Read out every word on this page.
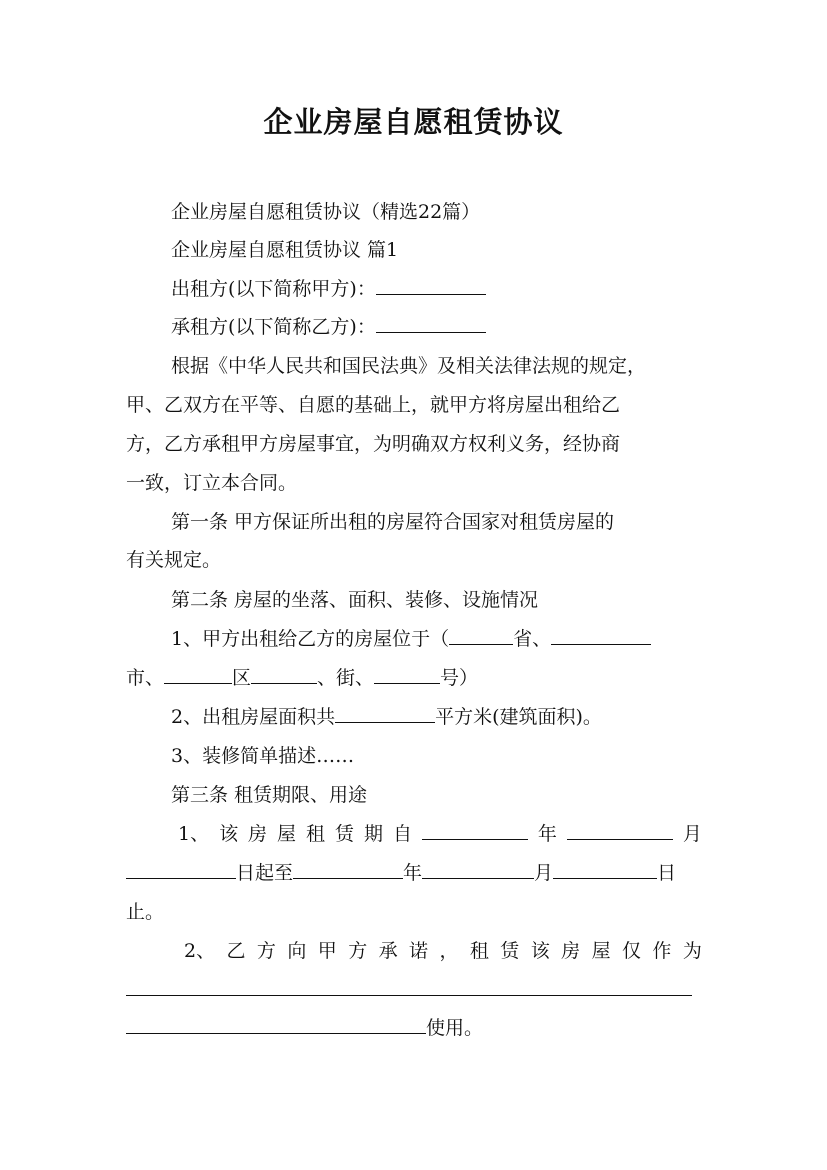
企业房屋自愿租赁协议
企业房屋自愿租赁协议（精选22篇）
企业房屋自愿租赁协议 篇1
出租方(以下简称甲方)：
承租方(以下简称乙方)：
根据《中华人民共和国民法典》及相关法律法规的规定，
甲、乙双方在平等、自愿的基础上，就甲方将房屋出租给乙
方，乙方承租甲方房屋事宜，为明确双方权利义务，经协商
一致，订立本合同。
第一条 甲方保证所出租的房屋符合国家对租赁房屋的
有关规定。
第二条 房屋的坐落、面积、装修、设施情况
1、甲方出租给乙方的房屋位于（	省、
市、	区	、街、	号）
2、出租房屋面积共	平方米(建筑面积)。
3、装修简单描述……
第三条 租赁期限、用途
1、 该 房 屋 租 赁 期 自	年	月
日起至	年	月	日
止。
2、 乙 方 向 甲 方 承 诺 ， 租 赁 该 房 屋 仅 作 为
使用。
